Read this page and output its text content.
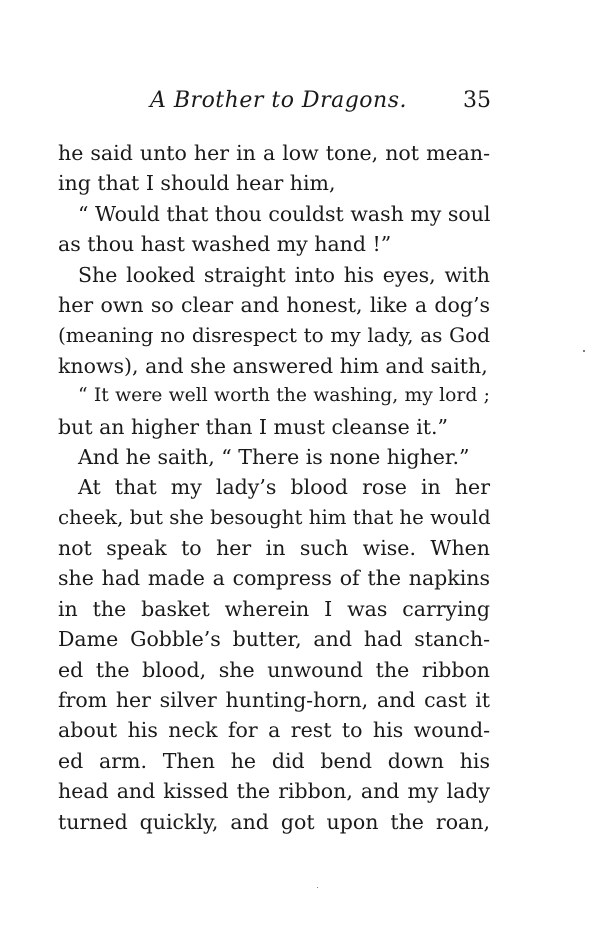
A Brother to Dragons.	35
he said unto her in a low tone, not mean-
ing that I should hear him,
“ Would that thou couldst wash my soul
as thou hast washed my hand !”
She looked straight into his eyes, with
her own so clear and honest, like a dog’s
(meaning no disrespect to my lady, as God
knows), and she answered him and saith,
“ It were well worth the washing, my lord ;
but an higher than I must cleanse it.”
And he saith, “ There is none higher.”
At that my lady’s blood rose in her
cheek, but she besought him that he would
not speak to her in such wise. When
she had made a compress of the napkins
in the basket wherein I was carrying
Dame Gobble’s butter, and had stanch-
ed the blood, she unwound the ribbon
from her silver hunting-horn, and cast it
about his neck for a rest to his wound-
ed arm. Then he did bend down his
head and kissed the ribbon, and my lady
turned quickly, and got upon the roan,
